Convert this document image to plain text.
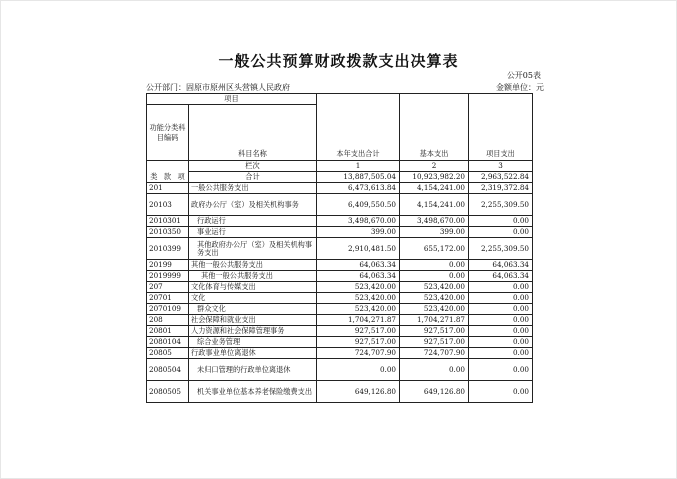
一般公共预算财政拨款支出决算表
公开05表
公开部门：固原市原州区头营镇人民政府	金额单位：元
项目		本年支出合计	基本支出	项目支出
功能分类科目编码	科目名称			

类 款 项	栏次	1	2	3
	合计	13,887,505.04	10,923,982.20	2,963,522.84
201	一般公共服务支出	6,473,613.84	4,154,241.00	2,319,372.84
20103	政府办公厅（室）及相关机构事务	6,409,550.50	4,154,241.00	2,255,309.50
2010301	行政运行	3,498,670.00	3,498,670.00	0.00
2010350	事业运行	399.00	399.00	0.00
2010399	其他政府办公厅（室）及相关机构事务支出	2,910,481.50	655,172.00	2,255,309.50
20199	其他一般公共服务支出	64,063.34	0.00	64,063.34
2019999	其他一般公共服务支出	64,063.34	0.00	64,063.34
207	文化体育与传媒支出	523,420.00	523,420.00	0.00
20701	文化	523,420.00	523,420.00	0.00
2070109	群众文化	523,420.00	523,420.00	0.00
208	社会保障和就业支出	1,704,271.87	1,704,271.87	0.00
20801	人力资源和社会保障管理事务	927,517.00	927,517.00	0.00
2080104	综合业务管理	927,517.00	927,517.00	0.00
20805	行政事业单位离退休	724,707.90	724,707.90	0.00
2080504	未归口管理的行政单位离退休	0.00	0.00	0.00
2080505	机关事业单位基本养老保险缴费支出	649,126.80	649,126.80	0.00
